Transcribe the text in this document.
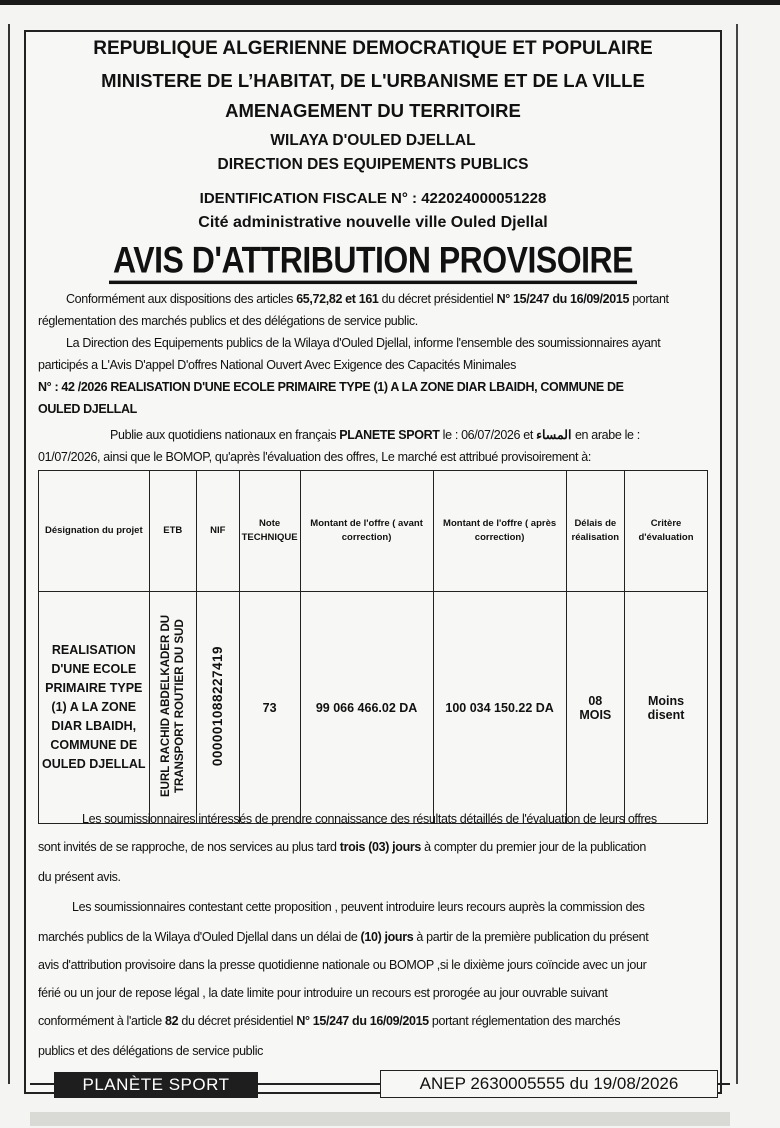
REPUBLIQUE ALGERIENNE DEMOCRATIQUE ET POPULAIRE
MINISTERE DE L’HABITAT, DE L'URBANISME ET DE LA VILLE
AMENAGEMENT DU TERRITOIRE
WILAYA D'OULED DJELLAL
DIRECTION DES EQUIPEMENTS PUBLICS
IDENTIFICATION FISCALE N° : 422024000051228
Cité administrative nouvelle ville Ouled Djellal
AVIS D'ATTRIBUTION PROVISOIRE
Conformément aux dispositions des articles 65,72,82 et 161 du décret présidentiel N° 15/247 du 16/09/2015 portant
réglementation des marchés publics et des délégations de service public.
La Direction des Equipements publics de la Wilaya d'Ouled Djellal, informe l'ensemble des soumissionnaires ayant
participés a L'Avis D'appel D'offres National Ouvert Avec Exigence des Capacités Minimales
N° : 42 /2026 REALISATION D'UNE ECOLE PRIMAIRE TYPE (1) A LA ZONE DIAR LBAIDH, COMMUNE DE
OULED DJELLAL
Publie aux quotidiens nationaux en français PLANETE SPORT le : 06/07/2026 et المساء en arabe le :
01/07/2026, ainsi que le BOMOP, qu'après l'évaluation des offres, Le marché est attribué provisoirement à:
Désignation du projet	ETB	NIF	Note TECHNIQUE	Montant de l'offre ( avant correction)	Montant de l'offre ( après correction)	Délais de réalisation	Critère d'évaluation
REALISATION D'UNE ECOLE PRIMAIRE TYPE (1) A LA ZONE DIAR LBAIDH, COMMUNE DE OULED DJELLAL	EURL RACHID ABDELKADER DU TRANSPORT ROUTIER DU SUD	000001088227419	73	99 066 466.02 DA	100 034 150.22 DA	08 MOIS	Moins disent
Les soumissionnaires intéressés de prendre connaissance des résultats détaillés de l'évaluation de leurs offres
sont invités de se rapproche, de nos services au plus tard trois (03) jours à compter du premier jour de la publication
du présent avis.
Les soumissionnaires contestant cette proposition , peuvent introduire leurs recours auprès la commission des
marchés publics de la Wilaya d'Ouled Djellal dans un délai de (10) jours à partir de la première publication du présent
avis d'attribution provisoire dans la presse quotidienne nationale ou BOMOP ,si le dixième jours coïncide avec un jour
férié ou un jour de repose légal , la date limite pour introduire un recours est prorogée au jour ouvrable suivant
conformément à l'article 82 du décret présidentiel N° 15/247 du 16/09/2015 portant réglementation des marchés
publics et des délégations de service public
PLANÈTE SPORT	ANEP 2630005555 du 19/08/2026
